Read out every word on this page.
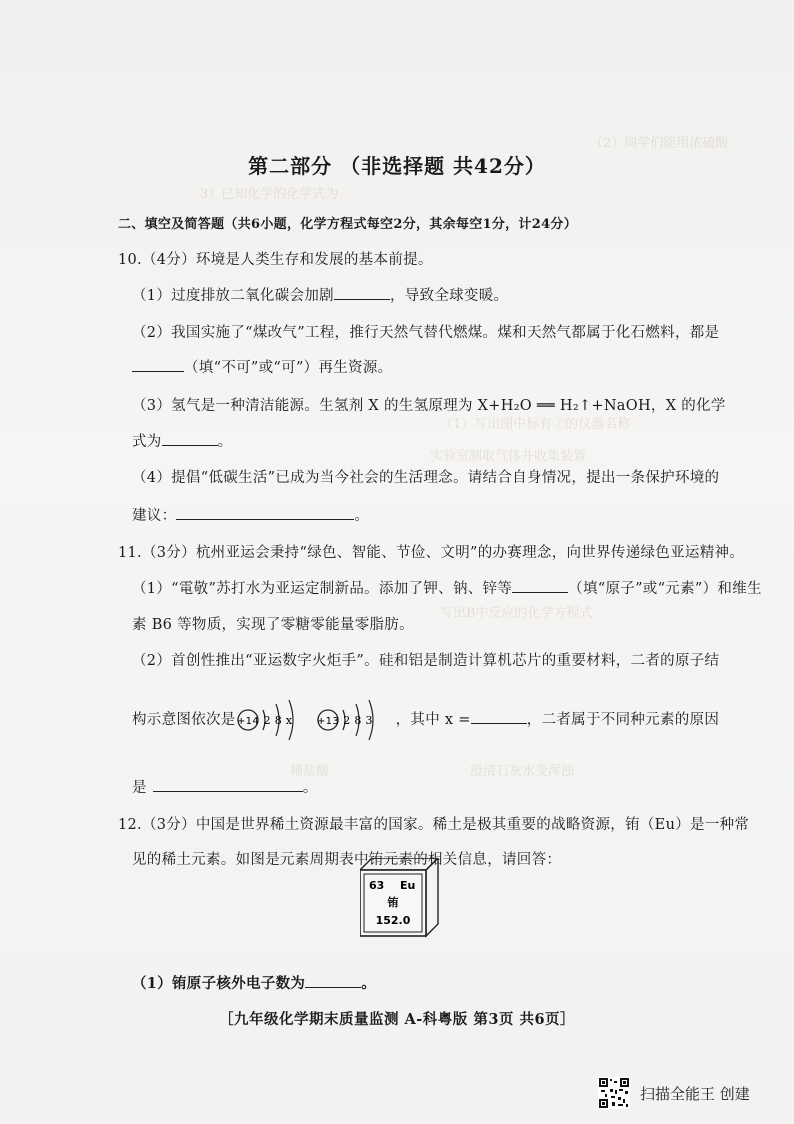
（2）同学们能用浓硫酸
3）已知化学的化学式为
（1）写出图中标有②的仪器名称
实验室制取气体并收集装置
写出B中反应的化学方程式
稀盐酸	澄清石灰水变浑浊
第二部分 （非选择题 共42分）
二、填空及简答题（共6小题，化学方程式每空2分，其余每空1分，计24分）
10.（4分）环境是人类生存和发展的基本前提。
（1）过度排放二氧化碳会加剧	，导致全球变暖。
（2）我国实施了“煤改气”工程，推行天然气替代燃煤。煤和天然气都属于化石燃料，都是
（填“不可”或“可”）再生资源。
（3）氢气是一种清洁能源。生氢剂 X 的生氢原理为 X+H₂O ══ H₂↑+NaOH，X 的化学
式为	。
（4）提倡“低碳生活”已成为当今社会的生活理念。请结合自身情况，提出一条保护环境的
建议：	。
11.（3分）杭州亚运会秉持“绿色、智能、节俭、文明”的办赛理念，向世界传递绿色亚运精神。
（1）“電敬”苏打水为亚运定制新品。添加了钾、钠、锌等	（填“原子”或“元素”）和维生
素 B6 等物质，实现了零糖零能量零脂肪。
（2）首创性推出“亚运数字火炬手”。硅和铝是制造计算机芯片的重要材料，二者的原子结
构示意图依次是 +14 2 8 x +13 2 8 3 ，其中 x =	，二者属于不同种元素的原因
是	。
12.（3分）中国是世界稀土资源最丰富的国家。稀土是极其重要的战略资源，铕（Eu）是一种常
见的稀土元素。如图是元素周期表中铕元素的相关信息，请回答：
63 Eu
铕
152.0
（1）铕原子核外电子数为	。
［九年级化学期末质量监测 A-科粤版 第3页 共6页］
扫描全能王 创建
